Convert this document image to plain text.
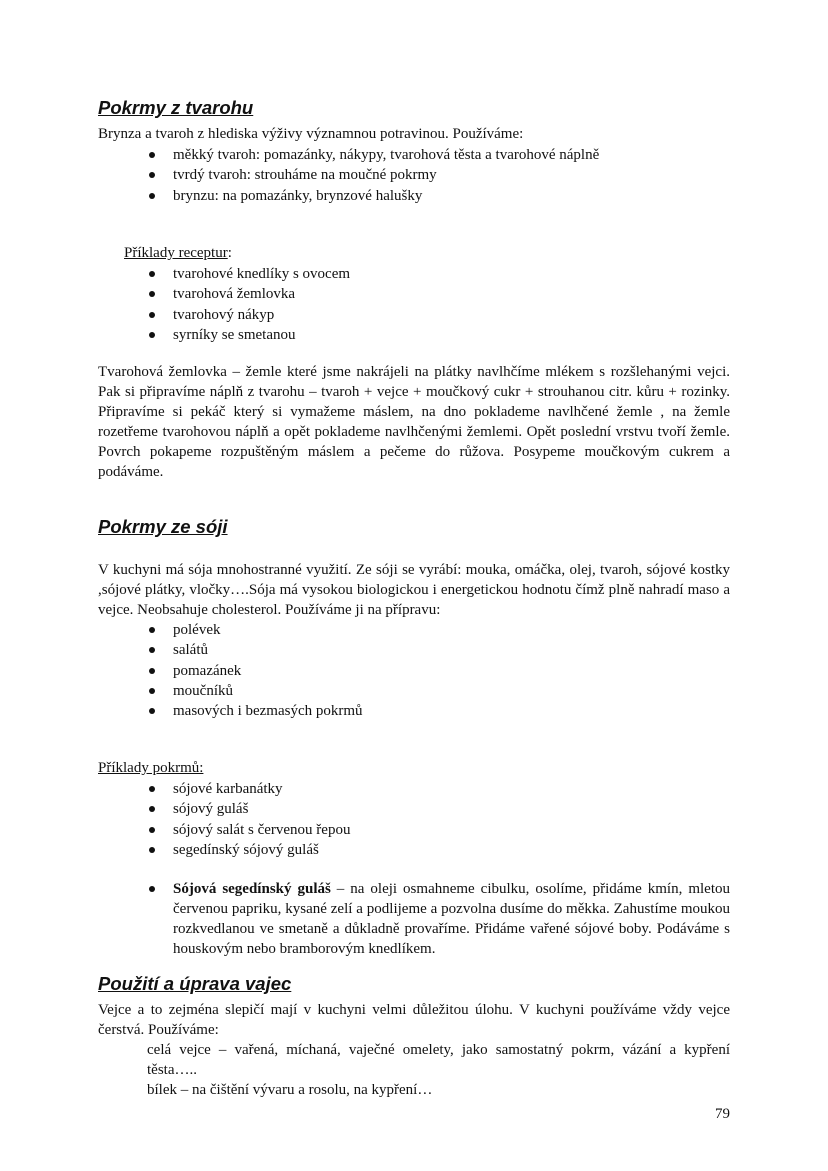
Pokrmy z tvarohu

Brynza a tvaroh z hlediska výživy významnou potravinou. Používáme:

měkký tvaroh: pomazánky, nákypy, tvarohová těsta a tvarohové náplně
tvrdý tvaroh: strouháme na moučné pokrmy
brynzu: na pomazánky, brynzové halušky

Příklady receptur:

tvarohové knedlíky s ovocem
tvarohová žemlovka
tvarohový nákyp
syrníky se smetanou

Tvarohová žemlovka – žemle které jsme nakrájeli na plátky navlhčíme mlékem s rozšlehanými vejci. Pak si připravíme náplň z tvarohu – tvaroh + vejce + moučkový cukr + strouhanou citr. kůru + rozinky. Připravíme si pekáč který si vymažeme máslem, na dno poklademe navlhčené žemle , na žemle rozetřeme tvarohovou náplň a opět poklademe navlhčenými žemlemi. Opět poslední vrstvu tvoří žemle. Povrch pokapeme rozpuštěným máslem a pečeme do růžova. Posypeme moučkovým cukrem a podáváme.

Pokrmy ze sóji

V kuchyni má sója mnohostranné využití. Ze sóji se vyrábí: mouka, omáčka, olej, tvaroh, sójové kostky ,sójové plátky, vločky….Sója má vysokou biologickou i energetickou hodnotu čímž plně nahradí maso a vejce. Neobsahuje cholesterol. Používáme ji na přípravu:

polévek
salátů
pomazánek
moučníků
masových i bezmasých pokrmů

Příklady pokrmů:

sójové karbanátky
sójový guláš
sójový salát s červenou řepou
segedínský sójový guláš
Sójová segedínský guláš – na oleji osmahneme cibulku, osolíme, přidáme kmín, mletou červenou papriku, kysané zelí a podlijeme a pozvolna dusíme do měkka. Zahustíme moukou rozkvedlanou ve smetaně a důkladně provaříme. Přidáme vařené sójové boby. Podáváme s houskovým nebo bramborovým knedlíkem.
Použití a úprava vajec

Vejce a to zejména slepičí mají v kuchyni velmi důležitou úlohu. V kuchyni používáme vždy vejce čerstvá. Používáme:

celá vejce – vařená, míchaná, vaječné omelety, jako samostatný pokrm, vázání a kypření těsta…..

bílek – na čištění vývaru a rosolu, na kypření…

79
